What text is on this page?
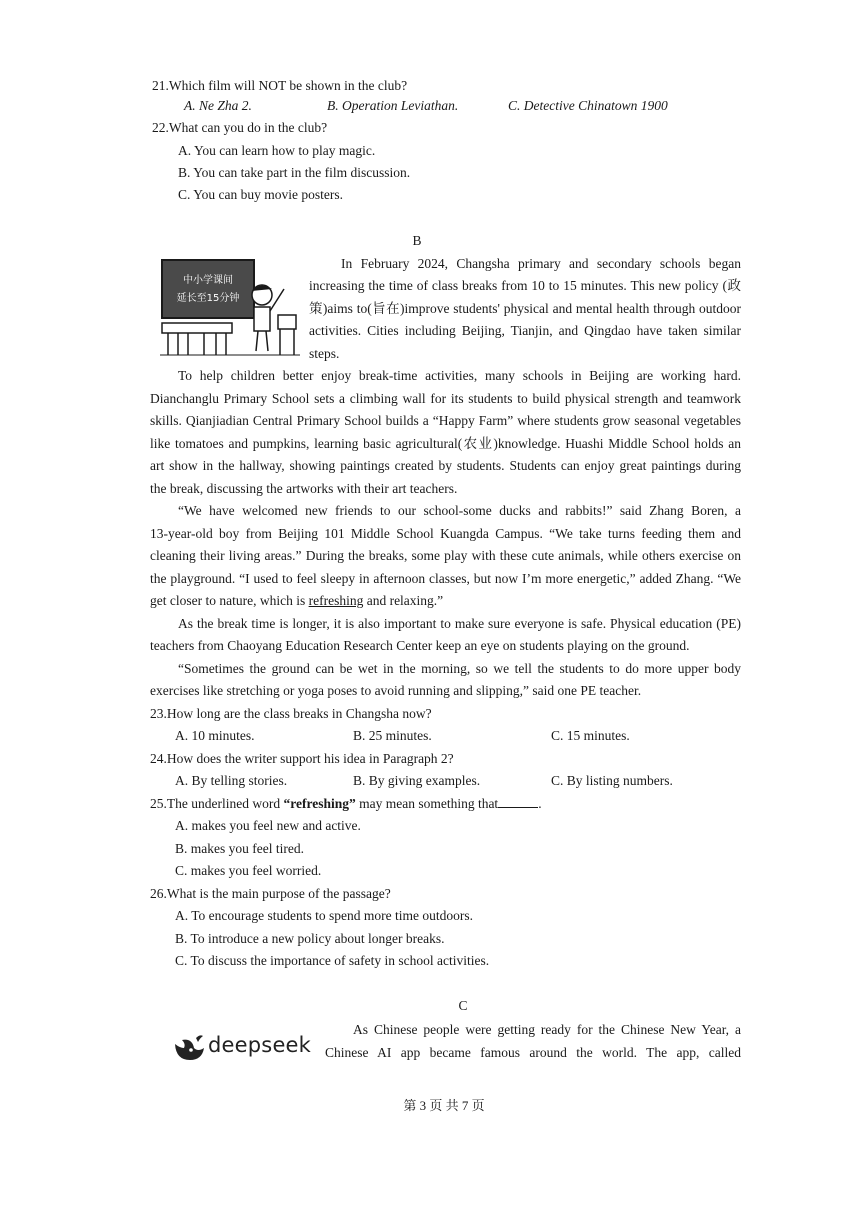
21.Which film will NOT be shown in the club?
A. Ne Zha 2.	B. Operation Leviathan.	C. Detective Chinatown 1900
22.What can you do in the club?
A. You can learn how to play magic.
B. You can take part in the film discussion.
C. You can buy movie posters.
B
中小学课间
延长至15分钟
In February 2024, Changsha primary and secondary schools began
increasing the time of class breaks from 10 to 15 minutes. This new policy (政
策)aims to(旨在)improve students' physical and mental health through outdoor
activities. Cities including Beijing, Tianjin, and Qingdao have taken similar
steps.
To help children better enjoy break-time activities, many schools in Beijing are working hard.
Dianchanglu Primary School sets a climbing wall for its students to build physical strength and teamwork
skills. Qianjiadian Central Primary School builds a “Happy Farm” where students grow seasonal vegetables
like tomatoes and pumpkins, learning basic agricultural(农业)knowledge. Huashi Middle School holds an
art show in the hallway, showing paintings created by students. Students can enjoy great paintings during
the break, discussing the artworks with their art teachers.
“We have welcomed new friends to our school-some ducks and rabbits!” said Zhang Boren, a
13-year-old boy from Beijing 101 Middle School Kuangda Campus. “We take turns feeding them and
cleaning their living areas.” During the breaks, some play with these cute animals, while others exercise on
the playground. “I used to feel sleepy in afternoon classes, but now I’m more energetic,” added Zhang. “We
get closer to nature, which is refreshing and relaxing.”
As the break time is longer, it is also important to make sure everyone is safe. Physical education (PE)
teachers from Chaoyang Education Research Center keep an eye on students playing on the ground.
“Sometimes the ground can be wet in the morning, so we tell the students to do more upper body
exercises like stretching or yoga poses to avoid running and slipping,” said one PE teacher.
23.How long are the class breaks in Changsha now?
A. 10 minutes.	B. 25 minutes.	C. 15 minutes.
24.How does the writer support his idea in Paragraph 2?
A. By telling stories.	B. By giving examples.	C. By listing numbers.
25.The underlined word “refreshing” may mean something that	.
A. makes you feel new and active.
B. makes you feel tired.
C. makes you feel worried.
26.What is the main purpose of the passage?
A. To encourage students to spend more time outdoors.
B. To introduce a new policy about longer breaks.
C. To discuss the importance of safety in school activities.
C
deepseek
As Chinese people were getting ready for the Chinese New Year, a
Chinese AI app became famous around the world. The app, called
第 3 页 共 7 页
